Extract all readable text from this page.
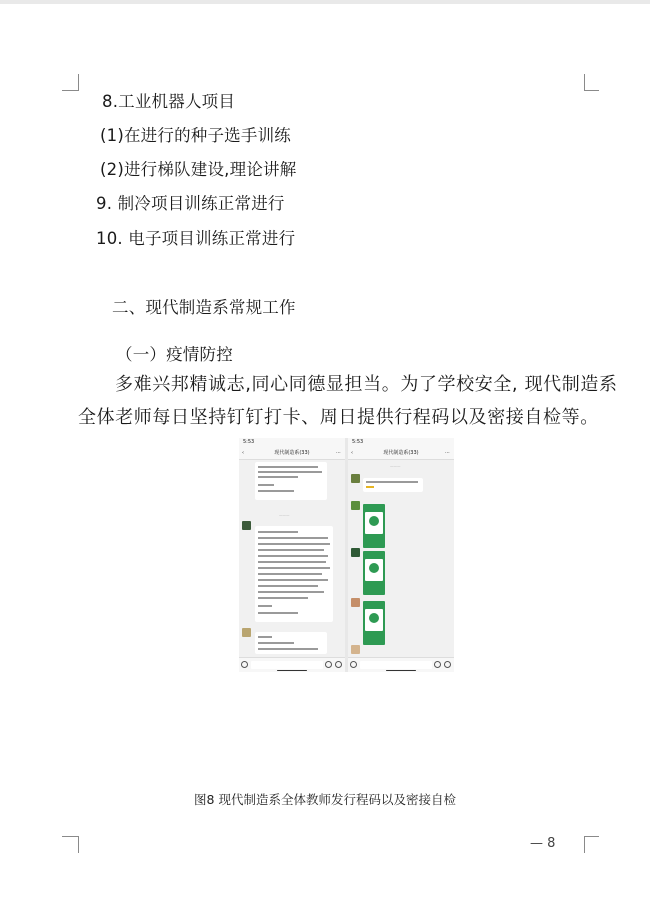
8.工业机器人项目
(1)在进行的种子选手训练
(2)进行梯队建设,理论讲解
9. 制冷项目训练正常进行
10. 电子项目训练正常进行
二、现代制造系常规工作
（一）疫情防控
多难兴邦精诚志,同心同德显担当。为了学校安全, 现代制造系
全体老师每日坚持钉钉打卡、周日提供行程码以及密接自检等。
5:53
‹	现代制造系(33)	⋯
———
5:53
‹	现代制造系(33)	⋯
———
图8 现代制造系全体教师发行程码以及密接自检
— 8
